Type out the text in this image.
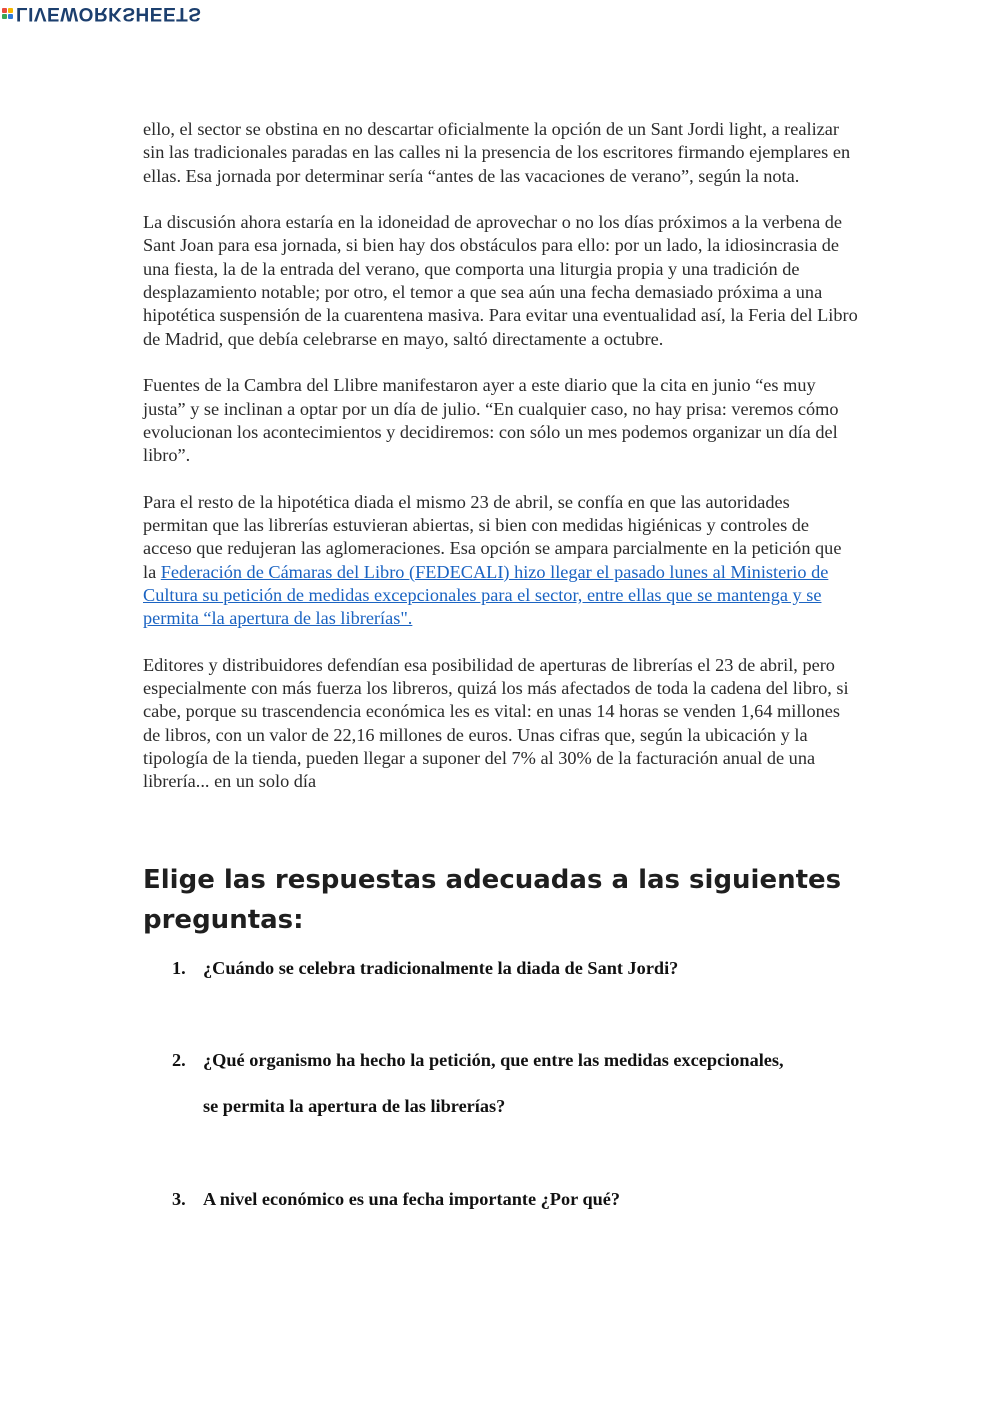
LIVEWORKSHEETS

ello, el sector se obstina en no descartar oficialmente la opción de un Sant Jordi light, a realizar sin las tradicionales paradas en las calles ni la presencia de los escritores firmando ejemplares en ellas. Esa jornada por determinar sería “antes de las vacaciones de verano”, según la nota.

La discusión ahora estaría en la idoneidad de aprovechar o no los días próximos a la verbena de Sant Joan para esa jornada, si bien hay dos obstáculos para ello: por un lado, la idiosincrasia de una fiesta, la de la entrada del verano, que comporta una liturgia propia y una tradición de desplazamiento notable; por otro, el temor a que sea aún una fecha demasiado próxima a una hipotética suspensión de la cuarentena masiva. Para evitar una eventualidad así, la Feria del Libro de Madrid, que debía celebrarse en mayo, saltó directamente a octubre.

Fuentes de la Cambra del Llibre manifestaron ayer a este diario que la cita en junio “es muy justa” y se inclinan a optar por un día de julio. “En cualquier caso, no hay prisa: veremos cómo evolucionan los acontecimientos y decidiremos: con sólo un mes podemos organizar un día del libro”.

Para el resto de la hipotética diada el mismo 23 de abril, se confía en que las autoridades permitan que las librerías estuvieran abiertas, si bien con medidas higiénicas y controles de acceso que redujeran las aglomeraciones. Esa opción se ampara parcialmente en la petición que la Federación de Cámaras del Libro (FEDECALI) hizo llegar el pasado lunes al Ministerio de Cultura su petición de medidas excepcionales para el sector, entre ellas que se mantenga y se permita “la apertura de las librerías".

Editores y distribuidores defendían esa posibilidad de aperturas de librerías el 23 de abril, pero especialmente con más fuerza los libreros, quizá los más afectados de toda la cadena del libro, si cabe, porque su trascendencia económica les es vital: en unas 14 horas se venden 1,64 millones de libros, con un valor de 22,16 millones de euros. Unas cifras que, según la ubicación y la tipología de la tienda, pueden llegar a suponer del 7% al 30% de la facturación anual de una librería... en un solo día

Elige las respuestas adecuadas a las siguientes preguntas:
1. ¿Cuándo se celebra tradicionalmente la diada de Sant Jordi?
2. ¿Qué organismo ha hecho la petición, que entre las medidas excepcionales,
se permita la apertura de las librerías?
3. A nivel económico es una fecha importante ¿Por qué?
